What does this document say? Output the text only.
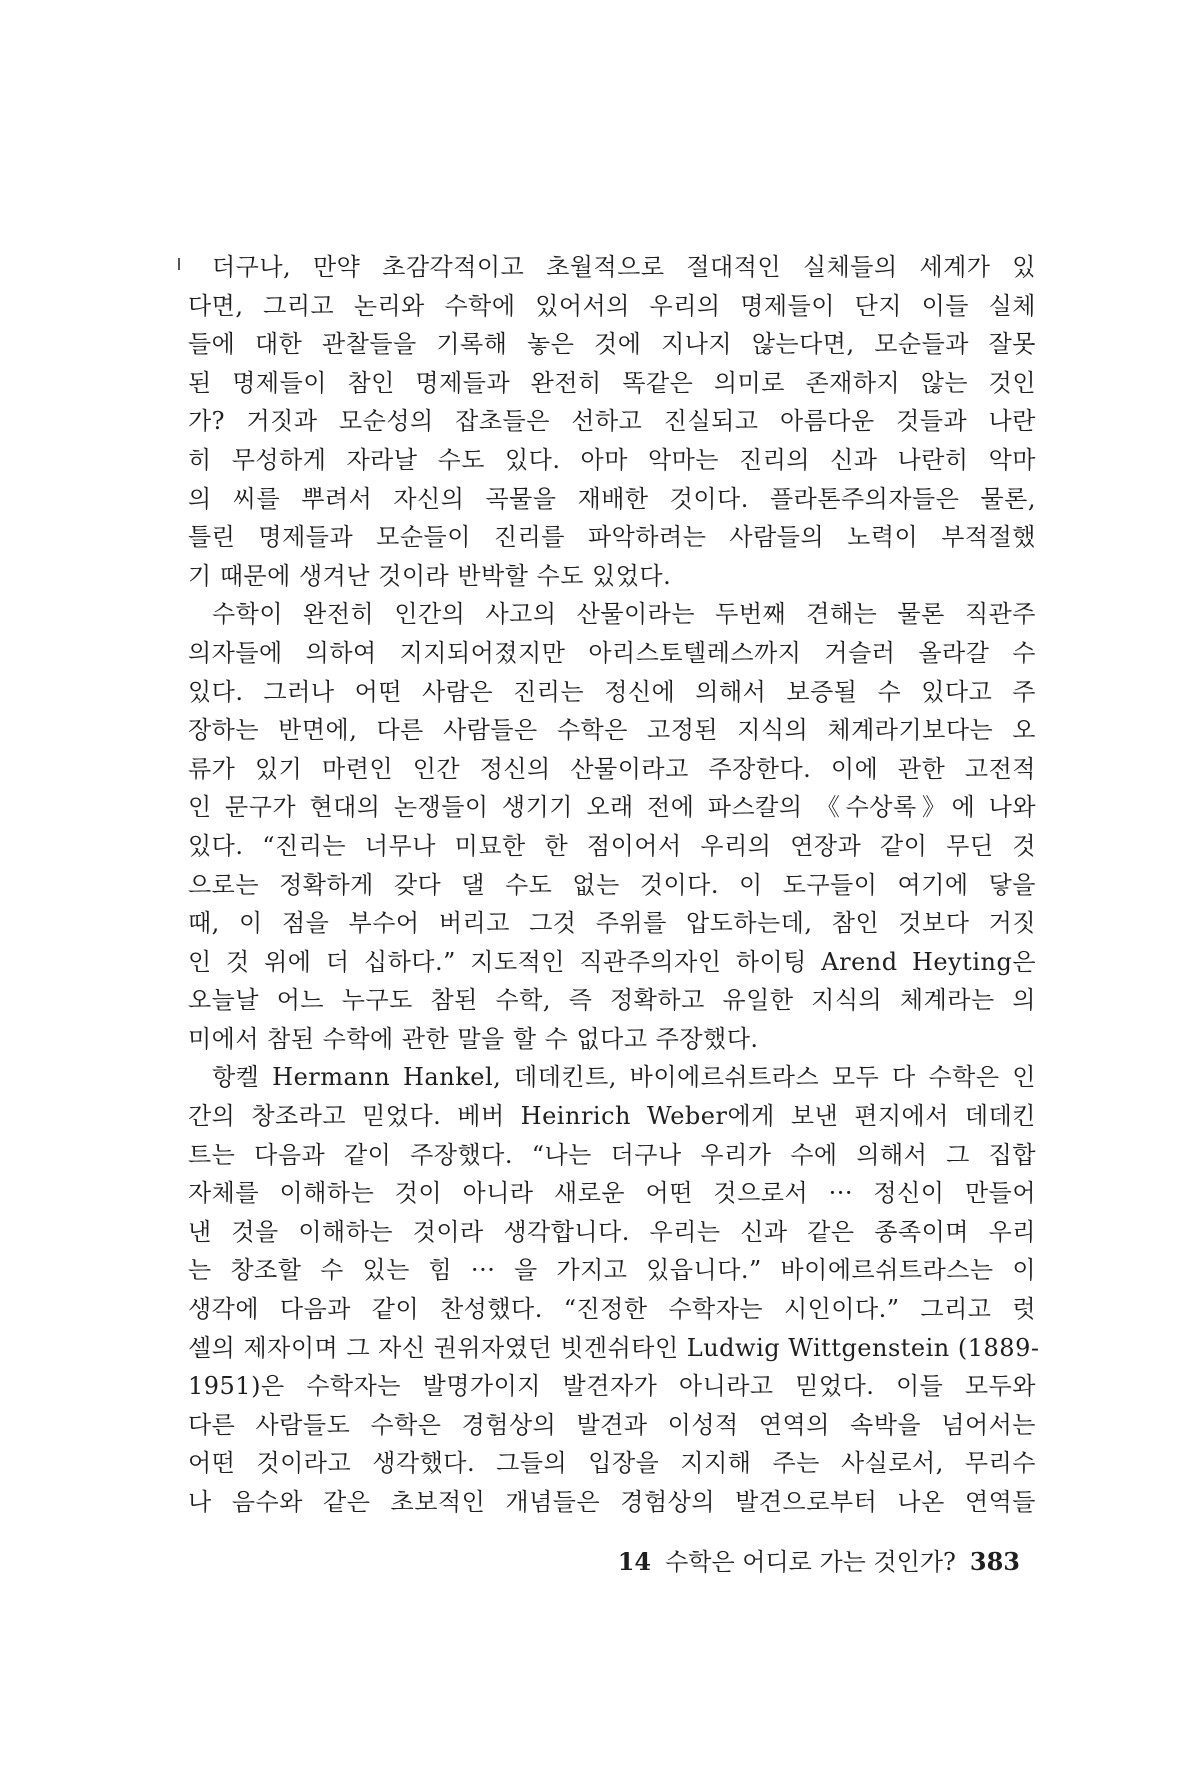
더구나, 만약 초감각적이고 초월적으로 절대적인 실체들의 세계가 있
다면, 그리고 논리와 수학에 있어서의 우리의 명제들이 단지 이들 실체
들에 대한 관찰들을 기록해 놓은 것에 지나지 않는다면, 모순들과 잘못
된 명제들이 참인 명제들과 완전히 똑같은 의미로 존재하지 않는 것인
가? 거짓과 모순성의 잡초들은 선하고 진실되고 아름다운 것들과 나란
히 무성하게 자라날 수도 있다. 아마 악마는 진리의 신과 나란히 악마
의 씨를 뿌려서 자신의 곡물을 재배한 것이다. 플라톤주의자들은 물론,
틀린 명제들과 모순들이 진리를 파악하려는 사람들의 노력이 부적절했
기 때문에 생겨난 것이라 반박할 수도 있었다.
수학이 완전히 인간의 사고의 산물이라는 두번째 견해는 물론 직관주
의자들에 의하여 지지되어졌지만 아리스토텔레스까지 거슬러 올라갈 수
있다. 그러나 어떤 사람은 진리는 정신에 의해서 보증될 수 있다고 주
장하는 반면에, 다른 사람들은 수학은 고정된 지식의 체계라기보다는 오
류가 있기 마련인 인간 정신의 산물이라고 주장한다. 이에 관한 고전적
인 문구가 현대의 논쟁들이 생기기 오래 전에 파스칼의 《수상록》에 나와
있다. “진리는 너무나 미묘한 한 점이어서 우리의 연장과 같이 무딘 것
으로는 정확하게 갖다 댈 수도 없는 것이다. 이 도구들이 여기에 닿을
때, 이 점을 부수어 버리고 그것 주위를 압도하는데, 참인 것보다 거짓
인 것 위에 더 십하다.” 지도적인 직관주의자인 하이팅 Arend Heyting은
오늘날 어느 누구도 참된 수학, 즉 정확하고 유일한 지식의 체계라는 의
미에서 참된 수학에 관한 말을 할 수 없다고 주장했다.
항켈 Hermann Hankel, 데데킨트, 바이에르쉬트라스 모두 다 수학은 인
간의 창조라고 믿었다. 베버 Heinrich Weber에게 보낸 편지에서 데데킨
트는 다음과 같이 주장했다. “나는 더구나 우리가 수에 의해서 그 집합
자체를 이해하는 것이 아니라 새로운 어떤 것으로서 ··· 정신이 만들어
낸 것을 이해하는 것이라 생각합니다. 우리는 신과 같은 종족이며 우리
는 창조할 수 있는 힘 ··· 을 가지고 있읍니다.” 바이에르쉬트라스는 이
생각에 다음과 같이 찬성했다. “진정한 수학자는 시인이다.” 그리고 럿
셀의 제자이며 그 자신 권위자였던 빗겐쉬타인 Ludwig Wittgenstein (1889-
1951)은 수학자는 발명가이지 발견자가 아니라고 믿었다. 이들 모두와
다른 사람들도 수학은 경험상의 발견과 이성적 연역의 속박을 넘어서는
어떤 것이라고 생각했다. 그들의 입장을 지지해 주는 사실로서, 무리수
나 음수와 같은 초보적인 개념들은 경험상의 발견으로부터 나온 연역들
14 수학은 어디로 가는 것인가? 383
